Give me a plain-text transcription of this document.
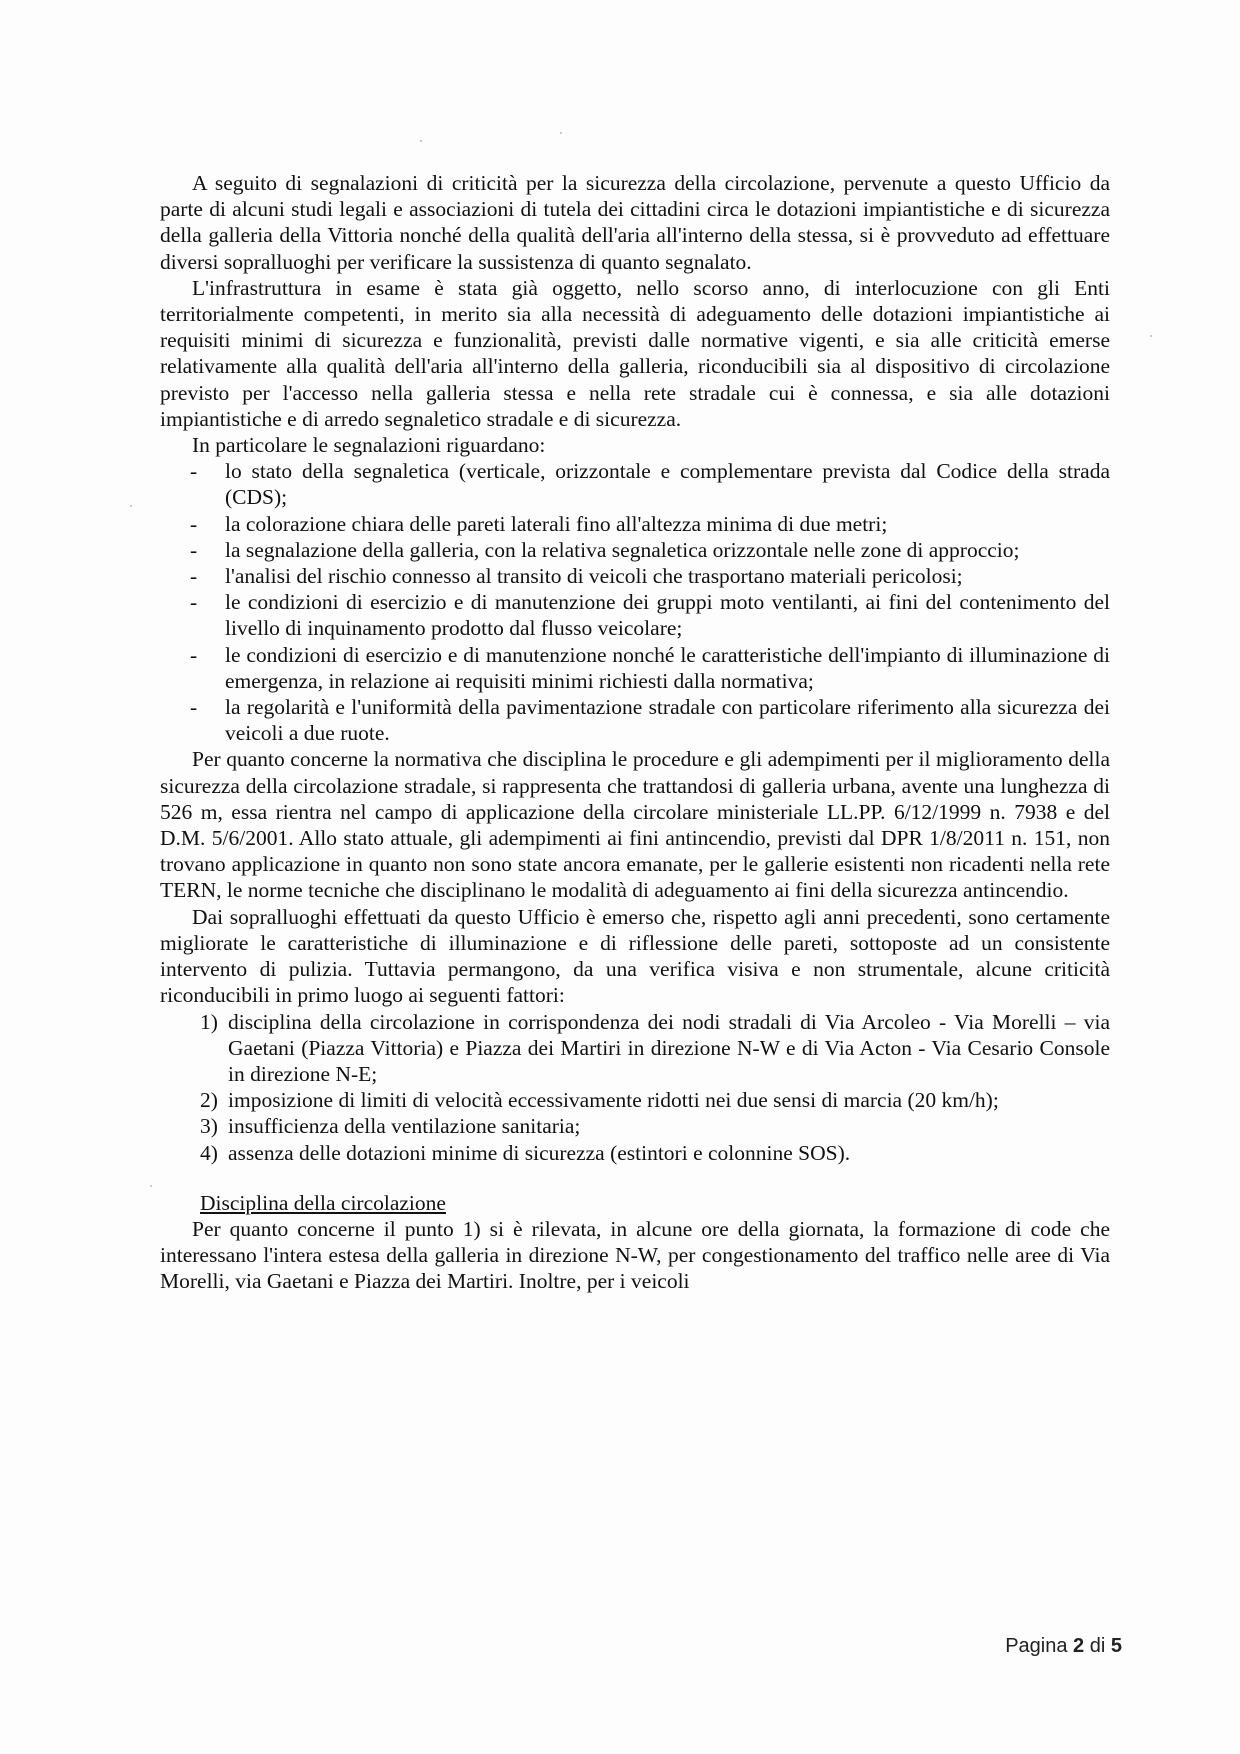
A seguito di segnalazioni di criticità per la sicurezza della circolazione, pervenute a questo Ufficio da parte di alcuni studi legali e associazioni di tutela dei cittadini circa le dotazioni impiantistiche e di sicurezza della galleria della Vittoria nonché della qualità dell'aria all'interno della stessa, si è provveduto ad effettuare diversi sopralluoghi per verificare la sussistenza di quanto segnalato.

L'infrastruttura in esame è stata già oggetto, nello scorso anno, di interlocuzione con gli Enti territorialmente competenti, in merito sia alla necessità di adeguamento delle dotazioni impiantistiche ai requisiti minimi di sicurezza e funzionalità, previsti dalle normative vigenti, e sia alle criticità emerse relativamente alla qualità dell'aria all'interno della galleria, riconducibili sia al dispositivo di circolazione previsto per l'accesso nella galleria stessa e nella rete stradale cui è connessa, e sia alle dotazioni impiantistiche e di arredo segnaletico stradale e di sicurezza.

In particolare le segnalazioni riguardano:

- lo stato della segnaletica (verticale, orizzontale e complementare prevista dal Codice della strada (CDS);
- la colorazione chiara delle pareti laterali fino all'altezza minima di due metri;
- la segnalazione della galleria, con la relativa segnaletica orizzontale nelle zone di approccio;
- l'analisi del rischio connesso al transito di veicoli che trasportano materiali pericolosi;
- le condizioni di esercizio e di manutenzione dei gruppi moto ventilanti, ai fini del contenimento del livello di inquinamento prodotto dal flusso veicolare;
- le condizioni di esercizio e di manutenzione nonché le caratteristiche dell'impianto di illuminazione di emergenza, in relazione ai requisiti minimi richiesti dalla normativa;
- la regolarità e l'uniformità della pavimentazione stradale con particolare riferimento alla sicurezza dei veicoli a due ruote.

Per quanto concerne la normativa che disciplina le procedure e gli adempimenti per il miglioramento della sicurezza della circolazione stradale, si rappresenta che trattandosi di galleria urbana, avente una lunghezza di 526 m, essa rientra nel campo di applicazione della circolare ministeriale LL.PP. 6/12/1999 n. 7938 e del D.M. 5/6/2001. Allo stato attuale, gli adempimenti ai fini antincendio, previsti dal DPR 1/8/2011 n. 151, non trovano applicazione in quanto non sono state ancora emanate, per le gallerie esistenti non ricadenti nella rete TERN, le norme tecniche che disciplinano le modalità di adeguamento ai fini della sicurezza antincendio.

Dai sopralluoghi effettuati da questo Ufficio è emerso che, rispetto agli anni precedenti, sono certamente migliorate le caratteristiche di illuminazione e di riflessione delle pareti, sottoposte ad un consistente intervento di pulizia. Tuttavia permangono, da una verifica visiva e non strumentale, alcune criticità riconducibili in primo luogo ai seguenti fattori:

1) disciplina della circolazione in corrispondenza dei nodi stradali di Via Arcoleo - Via Morelli – via Gaetani (Piazza Vittoria) e Piazza dei Martiri in direzione N-W e di Via Acton - Via Cesario Console in direzione N-E;
2) imposizione di limiti di velocità eccessivamente ridotti nei due sensi di marcia (20 km/h);
3) insufficienza della ventilazione sanitaria;
4) assenza delle dotazioni minime di sicurezza (estintori e colonnine SOS).

Disciplina della circolazione

Per quanto concerne il punto 1) si è rilevata, in alcune ore della giornata, la formazione di code che interessano l'intera estesa della galleria in direzione N-W, per congestionamento del traffico nelle aree di Via Morelli, via Gaetani e Piazza dei Martiri. Inoltre, per i veicoli

Pagina 2 di 5
